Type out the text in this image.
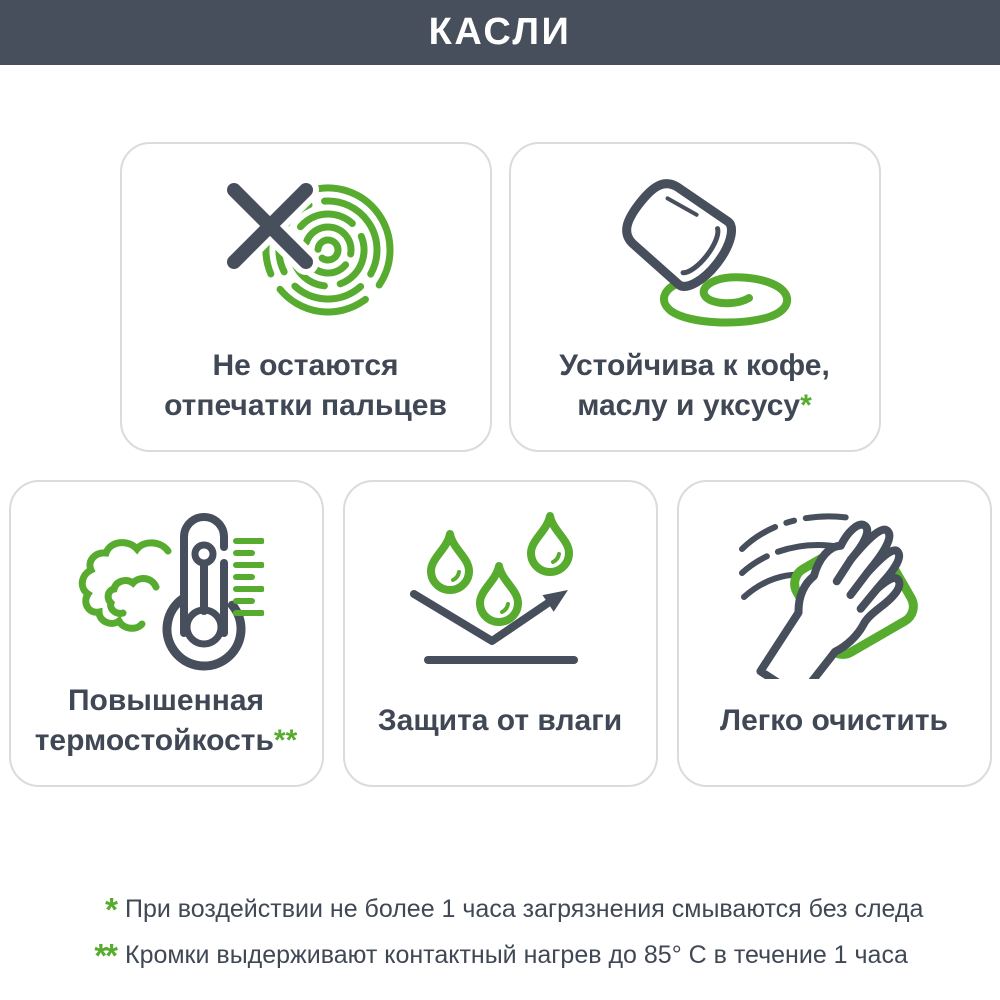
КАСЛИ
Не остаются
отпечатки пальцев
Устойчива к кофе,
маслу и уксусу*
Повышенная
термостойкость**
Защита от влаги	Легко очистить
* При воздействии не более 1 часа загрязнения смываются без следа
** Кромки выдерживают контактный нагрев до 85° С в течение 1 часа
